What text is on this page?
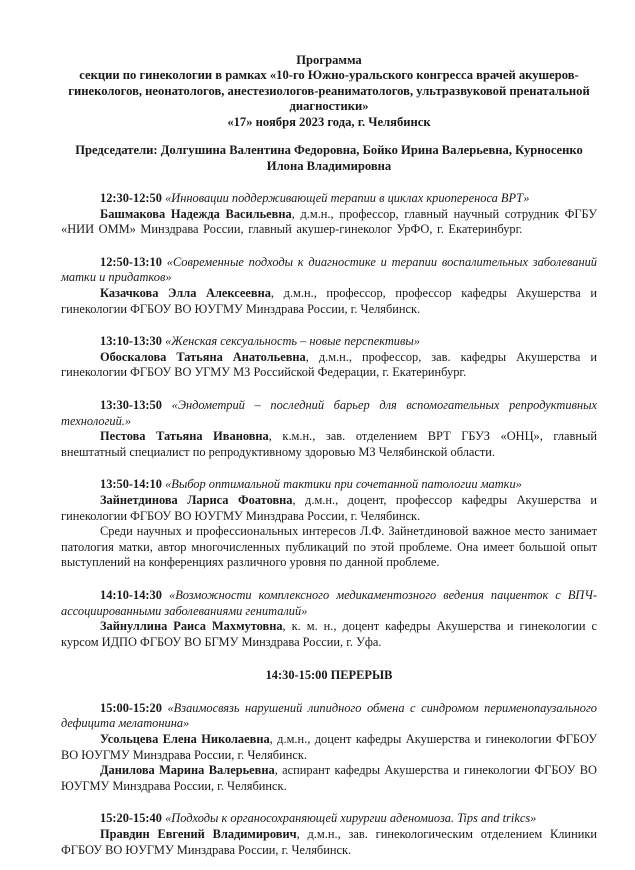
Программа
секции по гинекологии в рамках «10-го Южно-уральского конгресса врачей акушеров-
гинекологов, неонатологов, анестезиологов-реаниматологов, ультразвуковой пренатальной
диагностики»
«17» ноября 2023 года, г. Челябинск
Председатели: Долгушина Валентина Федоровна, Бойко Ирина Валерьевна, Курносенко
Илона Владимировна

12:30-12:50 «Инновации поддерживающей терапии в циклах криопереноса ВРТ»

Башмакова Надежда Васильевна, д.м.н., профессор, главный научный сотрудник ФГБУ «НИИ ОММ» Минздрава России, главный акушер-гинеколог УрФО, г. Екатеринбург.

12:50-13:10 «Современные подходы к диагностике и терапии воспалительных заболеваний матки и придатков»

Казачкова Элла Алексеевна, д.м.н., профессор, профессор кафедры Акушерства и гинекологии ФГБОУ ВО ЮУГМУ Минздрава России, г. Челябинск.

13:10-13:30 «Женская сексуальность – новые перспективы»

Обоскалова Татьяна Анатольевна, д.м.н., профессор, зав. кафедры Акушерства и гинекологии ФГБОУ ВО УГМУ МЗ Российской Федерации, г. Екатеринбург.

13:30-13:50 «Эндометрий – последний барьер для вспомогательных репродуктивных технологий.»

Пестова Татьяна Ивановна, к.м.н., зав. отделением ВРТ ГБУЗ «ОНЦ», главный внештатный специалист по репродуктивному здоровью МЗ Челябинской области.

13:50-14:10 «Выбор оптимальной тактики при сочетанной патологии матки»

Зайнетдинова Лариса Фоатовна, д.м.н., доцент, профессор кафедры Акушерства и гинекологии ФГБОУ ВО ЮУГМУ Минздрава России, г. Челябинск.

Среди научных и профессиональных интересов Л.Ф. Зайнетдиновой важное место занимает патология матки, автор многочисленных публикаций по этой проблеме. Она имеет большой опыт выступлений на конференциях различного уровня по данной проблеме.

14:10-14:30 «Возможности комплексного медикаментозного ведения пациенток с ВПЧ-ассоциированными заболеваниями гениталий»

Зайнуллина Раиса Махмутовна, к. м. н., доцент кафедры Акушерства и гинекологии с курсом ИДПО ФГБОУ ВО БГМУ Минздрава России, г. Уфа.

14:30-15:00 ПЕРЕРЫВ

15:00-15:20 «Взаимосвязь нарушений липидного обмена с синдромом перименопаузального дефицита мелатонина»

Усольцева Елена Николаевна, д.м.н., доцент кафедры Акушерства и гинекологии ФГБОУ ВО ЮУГМУ Минздрава России, г. Челябинск.

Данилова Марина Валерьевна, аспирант кафедры Акушерства и гинекологии ФГБОУ ВО ЮУГМУ Минздрава России, г. Челябинск.

15:20-15:40 «Подходы к органосохраняющей хирургии аденомиоза. Tips and trikcs»

Правдин Евгений Владимирович, д.м.н., зав. гинекологическим отделением Клиники ФГБОУ ВО ЮУГМУ Минздрава России, г. Челябинск.
